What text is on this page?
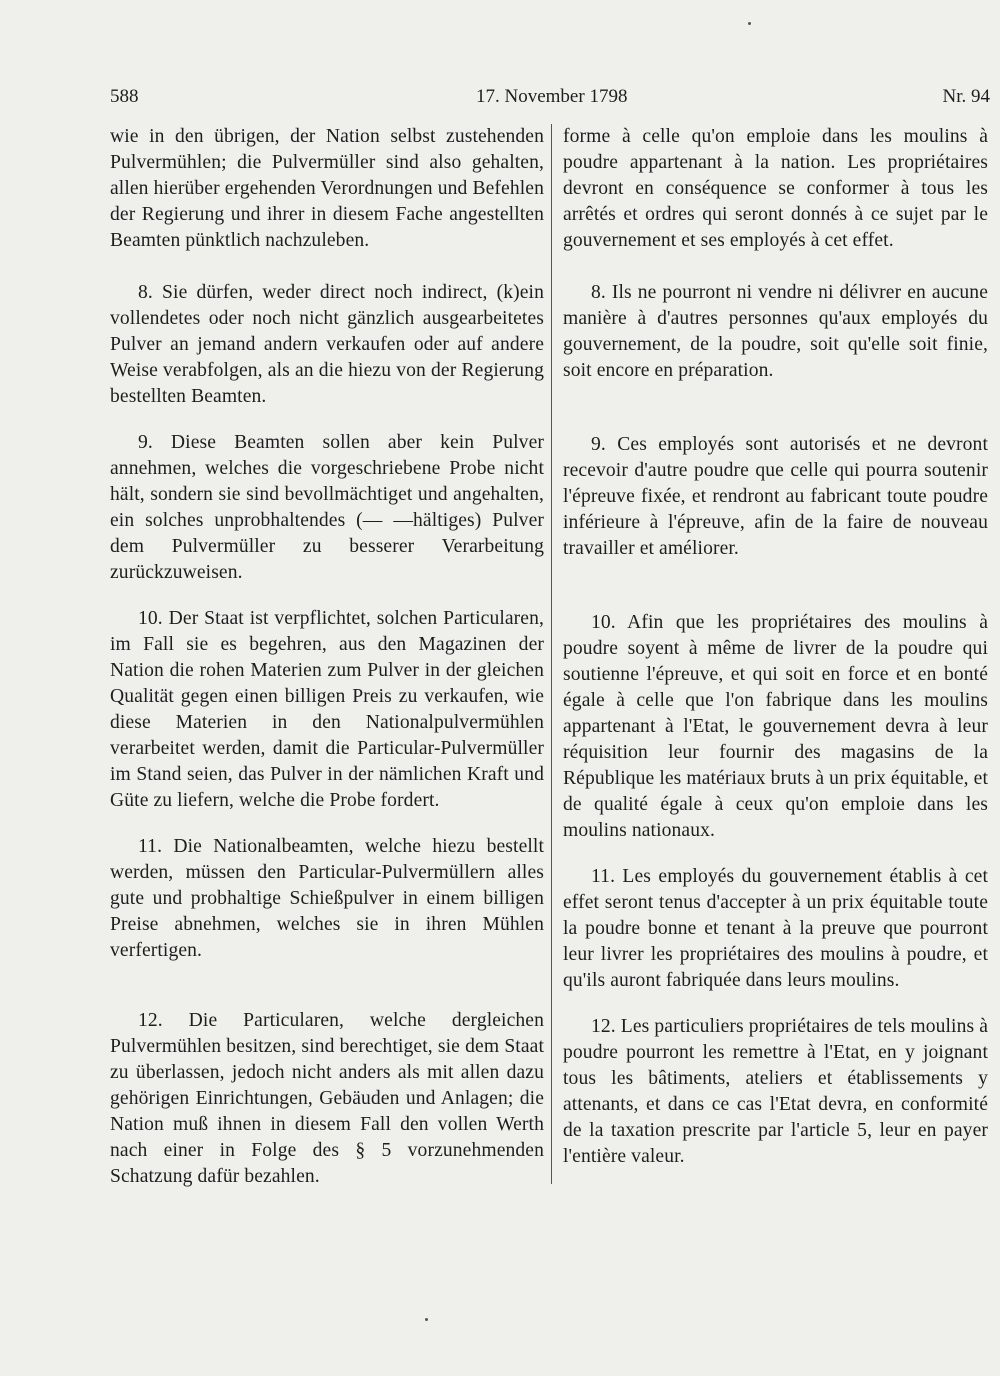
588	17. November 1798	Nr. 94

wie in den übrigen, der Nation selbst zustehenden Pulvermühlen; die Pulvermüller sind also gehalten, allen hierüber ergehenden Verordnungen und Befehlen der Regierung und ihrer in diesem Fache angestellten Beamten pünktlich nachzuleben.

8. Sie dürfen, weder direct noch indirect, (k)ein vollendetes oder noch nicht gänzlich ausgearbeitetes Pulver an jemand andern verkaufen oder auf andere Weise verabfolgen, als an die hiezu von der Regierung bestellten Beamten.

9. Diese Beamten sollen aber kein Pulver annehmen, welches die vorgeschriebene Probe nicht hält, sondern sie sind bevollmächtiget und angehalten, ein solches unprobhaltendes (— —hältiges) Pulver dem Pulvermüller zu besserer Verarbeitung zurückzuweisen.

10. Der Staat ist verpflichtet, solchen Particularen, im Fall sie es begehren, aus den Magazinen der Nation die rohen Materien zum Pulver in der gleichen Qualität gegen einen billigen Preis zu verkaufen, wie diese Materien in den Nationalpulvermühlen verarbeitet werden, damit die Particular-Pulvermüller im Stand seien, das Pulver in der nämlichen Kraft und Güte zu liefern, welche die Probe fordert.

11. Die Nationalbeamten, welche hiezu bestellt werden, müssen den Particular-Pulvermüllern alles gute und probhaltige Schießpulver in einem billigen Preise abnehmen, welches sie in ihren Mühlen verfertigen.

12. Die Particularen, welche dergleichen Pulvermühlen besitzen, sind berechtiget, sie dem Staat zu überlassen, jedoch nicht anders als mit allen dazu gehörigen Einrichtungen, Gebäuden und Anlagen; die Nation muß ihnen in diesem Fall den vollen Werth nach einer in Folge des § 5 vorzunehmenden Schatzung dafür bezahlen.

forme à celle qu'on emploie dans les moulins à poudre appartenant à la nation. Les propriétaires devront en conséquence se conformer à tous les arrêtés et ordres qui seront donnés à ce sujet par le gouvernement et ses employés à cet effet.

8. Ils ne pourront ni vendre ni délivrer en aucune manière à d'autres personnes qu'aux employés du gouvernement, de la poudre, soit qu'elle soit finie, soit encore en préparation.

9. Ces employés sont autorisés et ne devront recevoir d'autre poudre que celle qui pourra soutenir l'épreuve fixée, et rendront au fabricant toute poudre inférieure à l'épreuve, afin de la faire de nouveau travailler et améliorer.

10. Afin que les propriétaires des moulins à poudre soyent à même de livrer de la poudre qui soutienne l'épreuve, et qui soit en force et en bonté égale à celle que l'on fabrique dans les moulins appartenant à l'Etat, le gouvernement devra à leur réquisition leur fournir des magasins de la République les matériaux bruts à un prix équitable, et de qualité égale à ceux qu'on emploie dans les moulins nationaux.

11. Les employés du gouvernement établis à cet effet seront tenus d'accepter à un prix équitable toute la poudre bonne et tenant à la preuve que pourront leur livrer les propriétaires des moulins à poudre, et qu'ils auront fabriquée dans leurs moulins.

12. Les particuliers propriétaires de tels moulins à poudre pourront les remettre à l'Etat, en y joignant tous les bâtiments, ateliers et établissements y attenants, et dans ce cas l'Etat devra, en conformité de la taxation prescrite par l'article 5, leur en payer l'entière valeur.
